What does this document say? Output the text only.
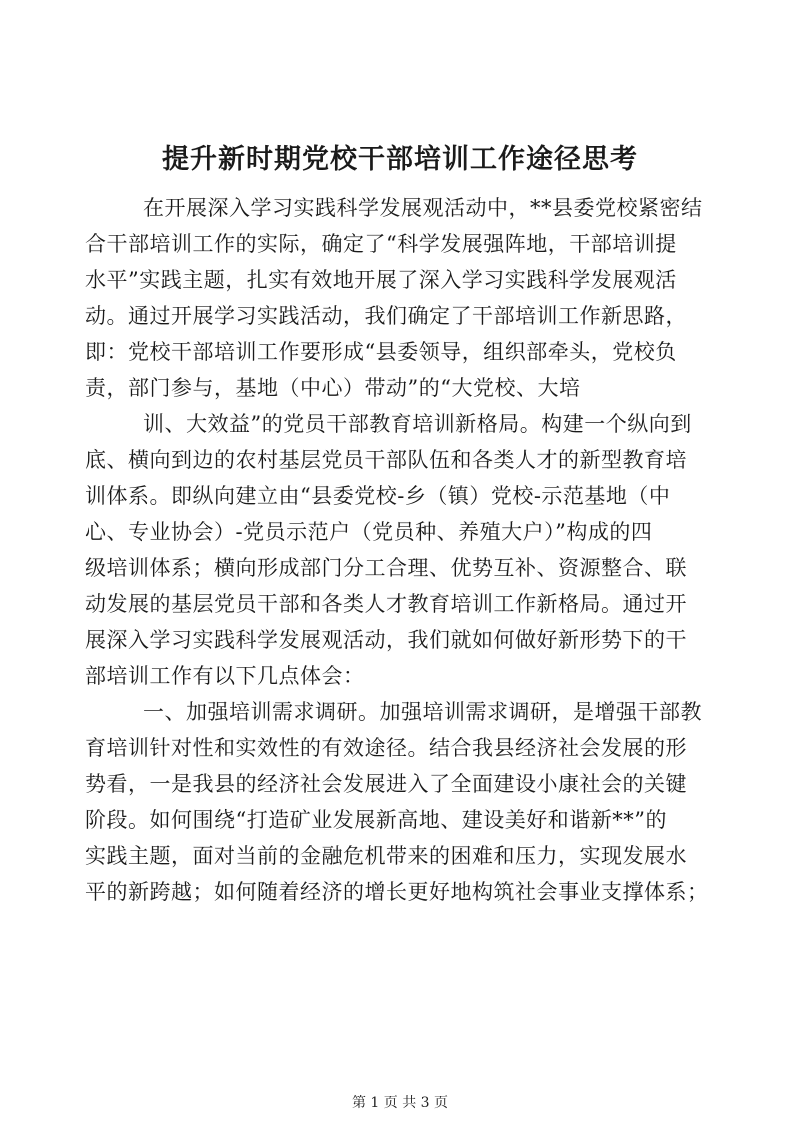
提升新时期党校干部培训工作途径思考
在开展深入学习实践科学发展观活动中，**县委党校紧密结
合干部培训工作的实际，确定了“科学发展强阵地，干部培训提
水平”实践主题，扎实有效地开展了深入学习实践科学发展观活
动。通过开展学习实践活动，我们确定了干部培训工作新思路，
即：党校干部培训工作要形成“县委领导，组织部牵头，党校负
责，部门参与，基地（中心）带动”的“大党校、大培
训、大效益”的党员干部教育培训新格局。构建一个纵向到
底、横向到边的农村基层党员干部队伍和各类人才的新型教育培
训体系。即纵向建立由“县委党校-乡（镇）党校-示范基地（中
心、专业协会）-党员示范户（党员种、养殖大户）”构成的四
级培训体系；横向形成部门分工合理、优势互补、资源整合、联
动发展的基层党员干部和各类人才教育培训工作新格局。通过开
展深入学习实践科学发展观活动，我们就如何做好新形势下的干
部培训工作有以下几点体会：
一、加强培训需求调研。加强培训需求调研，是增强干部教
育培训针对性和实效性的有效途径。结合我县经济社会发展的形
势看，一是我县的经济社会发展进入了全面建设小康社会的关键
阶段。如何围绕“打造矿业发展新高地、建设美好和谐新**”的
实践主题，面对当前的金融危机带来的困难和压力，实现发展水
平的新跨越；如何随着经济的增长更好地构筑社会事业支撑体系；
第 1 页 共 3 页
